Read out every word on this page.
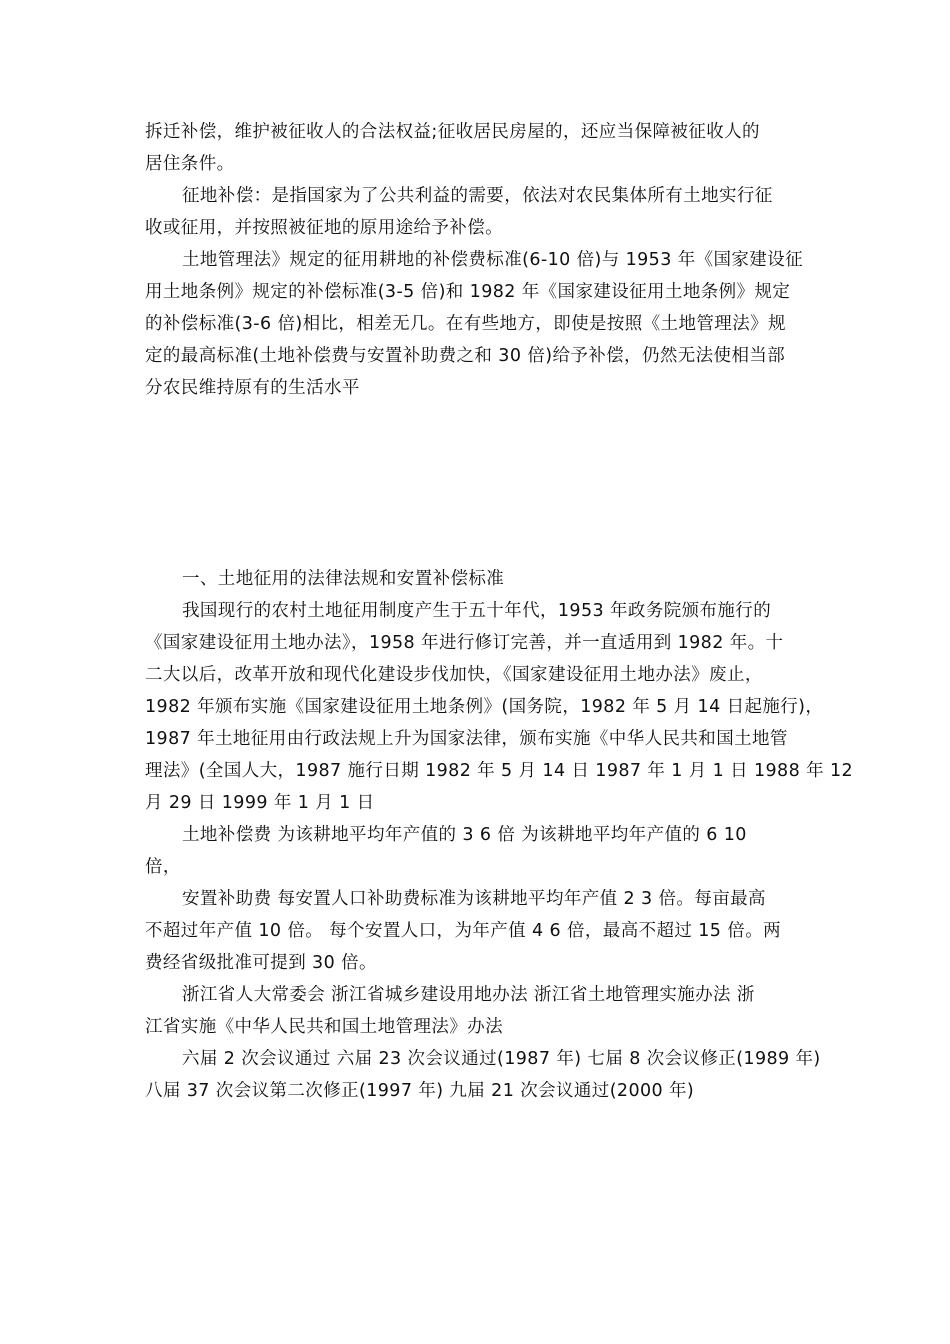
拆迁补偿，维护被征收人的合法权益;征收居民房屋的，还应当保障被征收人的
居住条件。
征地补偿：是指国家为了公共利益的需要，依法对农民集体所有土地实行征
收或征用，并按照被征地的原用途给予补偿。
土地管理法》规定的征用耕地的补偿费标准(6-10 倍)与 1953 年《国家建设征
用土地条例》规定的补偿标准(3-5 倍)和 1982 年《国家建设征用土地条例》规定
的补偿标准(3-6 倍)相比，相差无几。在有些地方，即使是按照《土地管理法》规
定的最高标准(土地补偿费与安置补助费之和 30 倍)给予补偿，仍然无法使相当部
分农民维持原有的生活水平
一、土地征用的法律法规和安置补偿标准
我国现行的农村土地征用制度产生于五十年代，1953 年政务院颁布施行的
《国家建设征用土地办法》，1958 年进行修订完善，并一直适用到 1982 年。十
二大以后，改革开放和现代化建设步伐加快，《国家建设征用土地办法》废止，
1982 年颁布实施《国家建设征用土地条例》(国务院，1982 年 5 月 14 日起施行)，
1987 年土地征用由行政法规上升为国家法律，颁布实施《中华人民共和国土地管
理法》(全国人大，1987 施行日期 1982 年 5 月 14 日 1987 年 1 月 1 日 1988 年 12
月 29 日 1999 年 1 月 1 日
土地补偿费 为该耕地平均年产值的 3 6 倍 为该耕地平均年产值的 6 10
倍，
安置补助费 每安置人口补助费标准为该耕地平均年产值 2 3 倍。每亩最高
不超过年产值 10 倍。 每个安置人口，为年产值 4 6 倍，最高不超过 15 倍。两
费经省级批准可提到 30 倍。
浙江省人大常委会 浙江省城乡建设用地办法 浙江省土地管理实施办法 浙
江省实施《中华人民共和国土地管理法》办法
六届 2 次会议通过 六届 23 次会议通过(1987 年) 七届 8 次会议修正(1989 年)
八届 37 次会议第二次修正(1997 年) 九届 21 次会议通过(2000 年)
